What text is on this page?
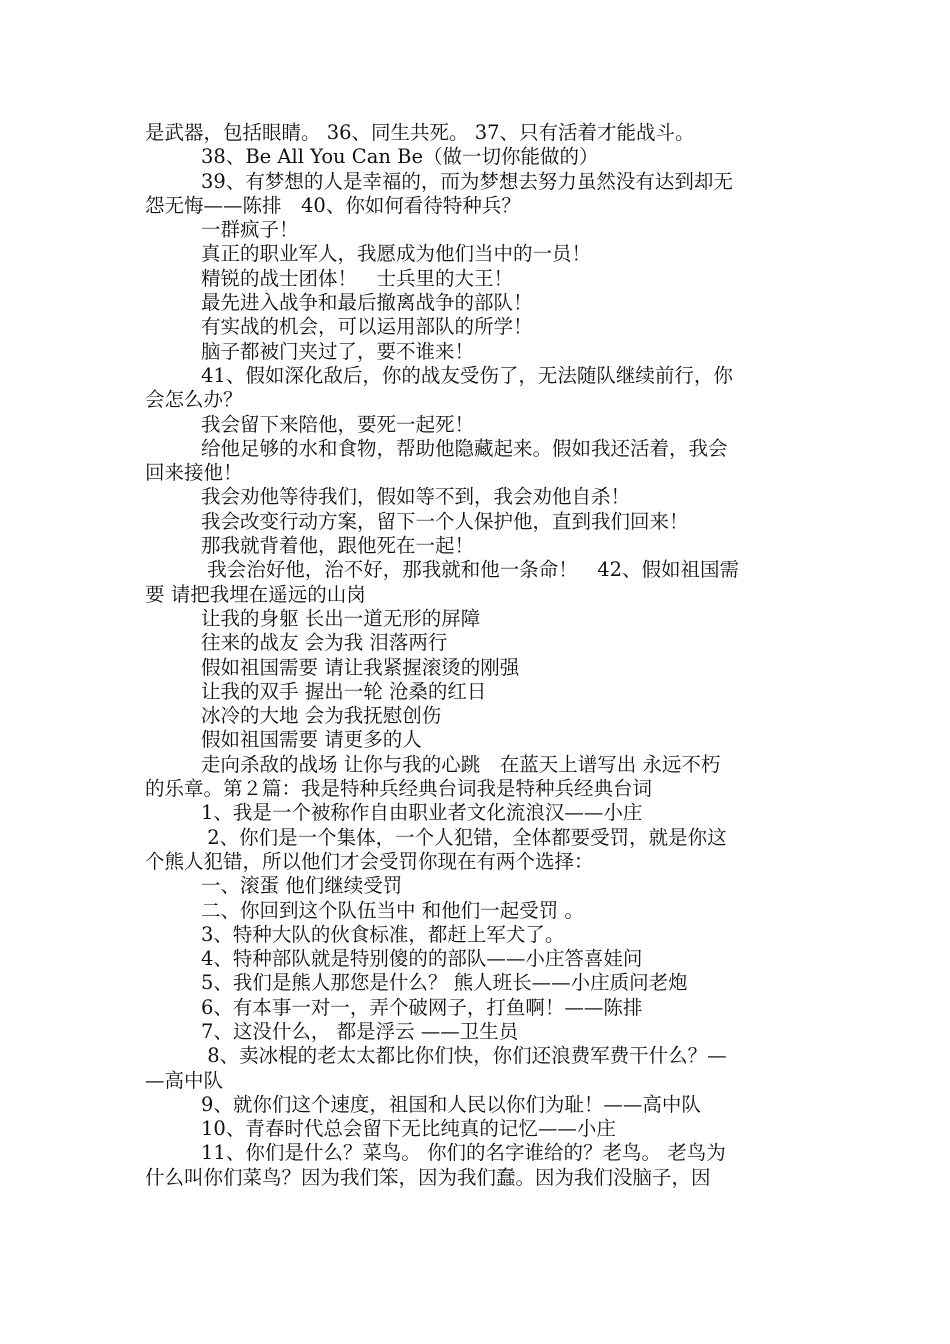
是武器，包括眼睛。 36、同生共死。 37、只有活着才能战斗。
38、Be All You Can Be（做一切你能做的）
39、有梦想的人是幸福的，而为梦想去努力虽然没有达到却无
怨无悔——陈排　40、你如何看待特种兵？
一群疯子！
真正的职业军人，我愿成为他们当中的一员！
精锐的战士团体！　士兵里的大王！
最先进入战争和最后撤离战争的部队！
有实战的机会，可以运用部队的所学！
脑子都被门夹过了，要不谁来！
41、假如深化敌后，你的战友受伤了，无法随队继续前行，你
会怎么办？
我会留下来陪他，要死一起死！
给他足够的水和食物，帮助他隐藏起来。假如我还活着，我会
回来接他！
我会劝他等待我们，假如等不到，我会劝他自杀！
我会改变行动方案，留下一个人保护他，直到我们回来！
那我就背着他，跟他死在一起！
我会治好他，治不好，那我就和他一条命！　42、假如祖国需
要 请把我埋在遥远的山岗
让我的身躯 长出一道无形的屏障
往来的战友 会为我 泪落两行
假如祖国需要 请让我紧握滚烫的刚强
让我的双手 握出一轮 沧桑的红日
冰冷的大地 会为我抚慰创伤
假如祖国需要 请更多的人
走向杀敌的战场 让你与我的心跳　在蓝天上谱写出 永远不朽
的乐章。第２篇：我是特种兵经典台词我是特种兵经典台词
1、我是一个被称作自由职业者文化流浪汉——小庄
2、你们是一个集体，一个人犯错，全体都要受罚，就是你这
个熊人犯错，所以他们才会受罚你现在有两个选择：
一、滚蛋 他们继续受罚
二、你回到这个队伍当中 和他们一起受罚 。
3、特种大队的伙食标准，都赶上军犬了。
4、特种部队就是特别傻的的部队——小庄答喜娃问
5、我们是熊人那您是什么？ 熊人班长——小庄质问老炮
6、有本事一对一，弄个破网子，打鱼啊！——陈排
7、这没什么， 都是浮云 ——卫生员
8、卖冰棍的老太太都比你们快，你们还浪费军费干什么？—
—高中队
9、就你们这个速度，祖国和人民以你们为耻！——高中队
10、青春时代总会留下无比纯真的记忆——小庄
11、你们是什么？菜鸟。 你们的名字谁给的？老鸟。 老鸟为
什么叫你们菜鸟？因为我们笨，因为我们蠢。因为我们没脑子，因
